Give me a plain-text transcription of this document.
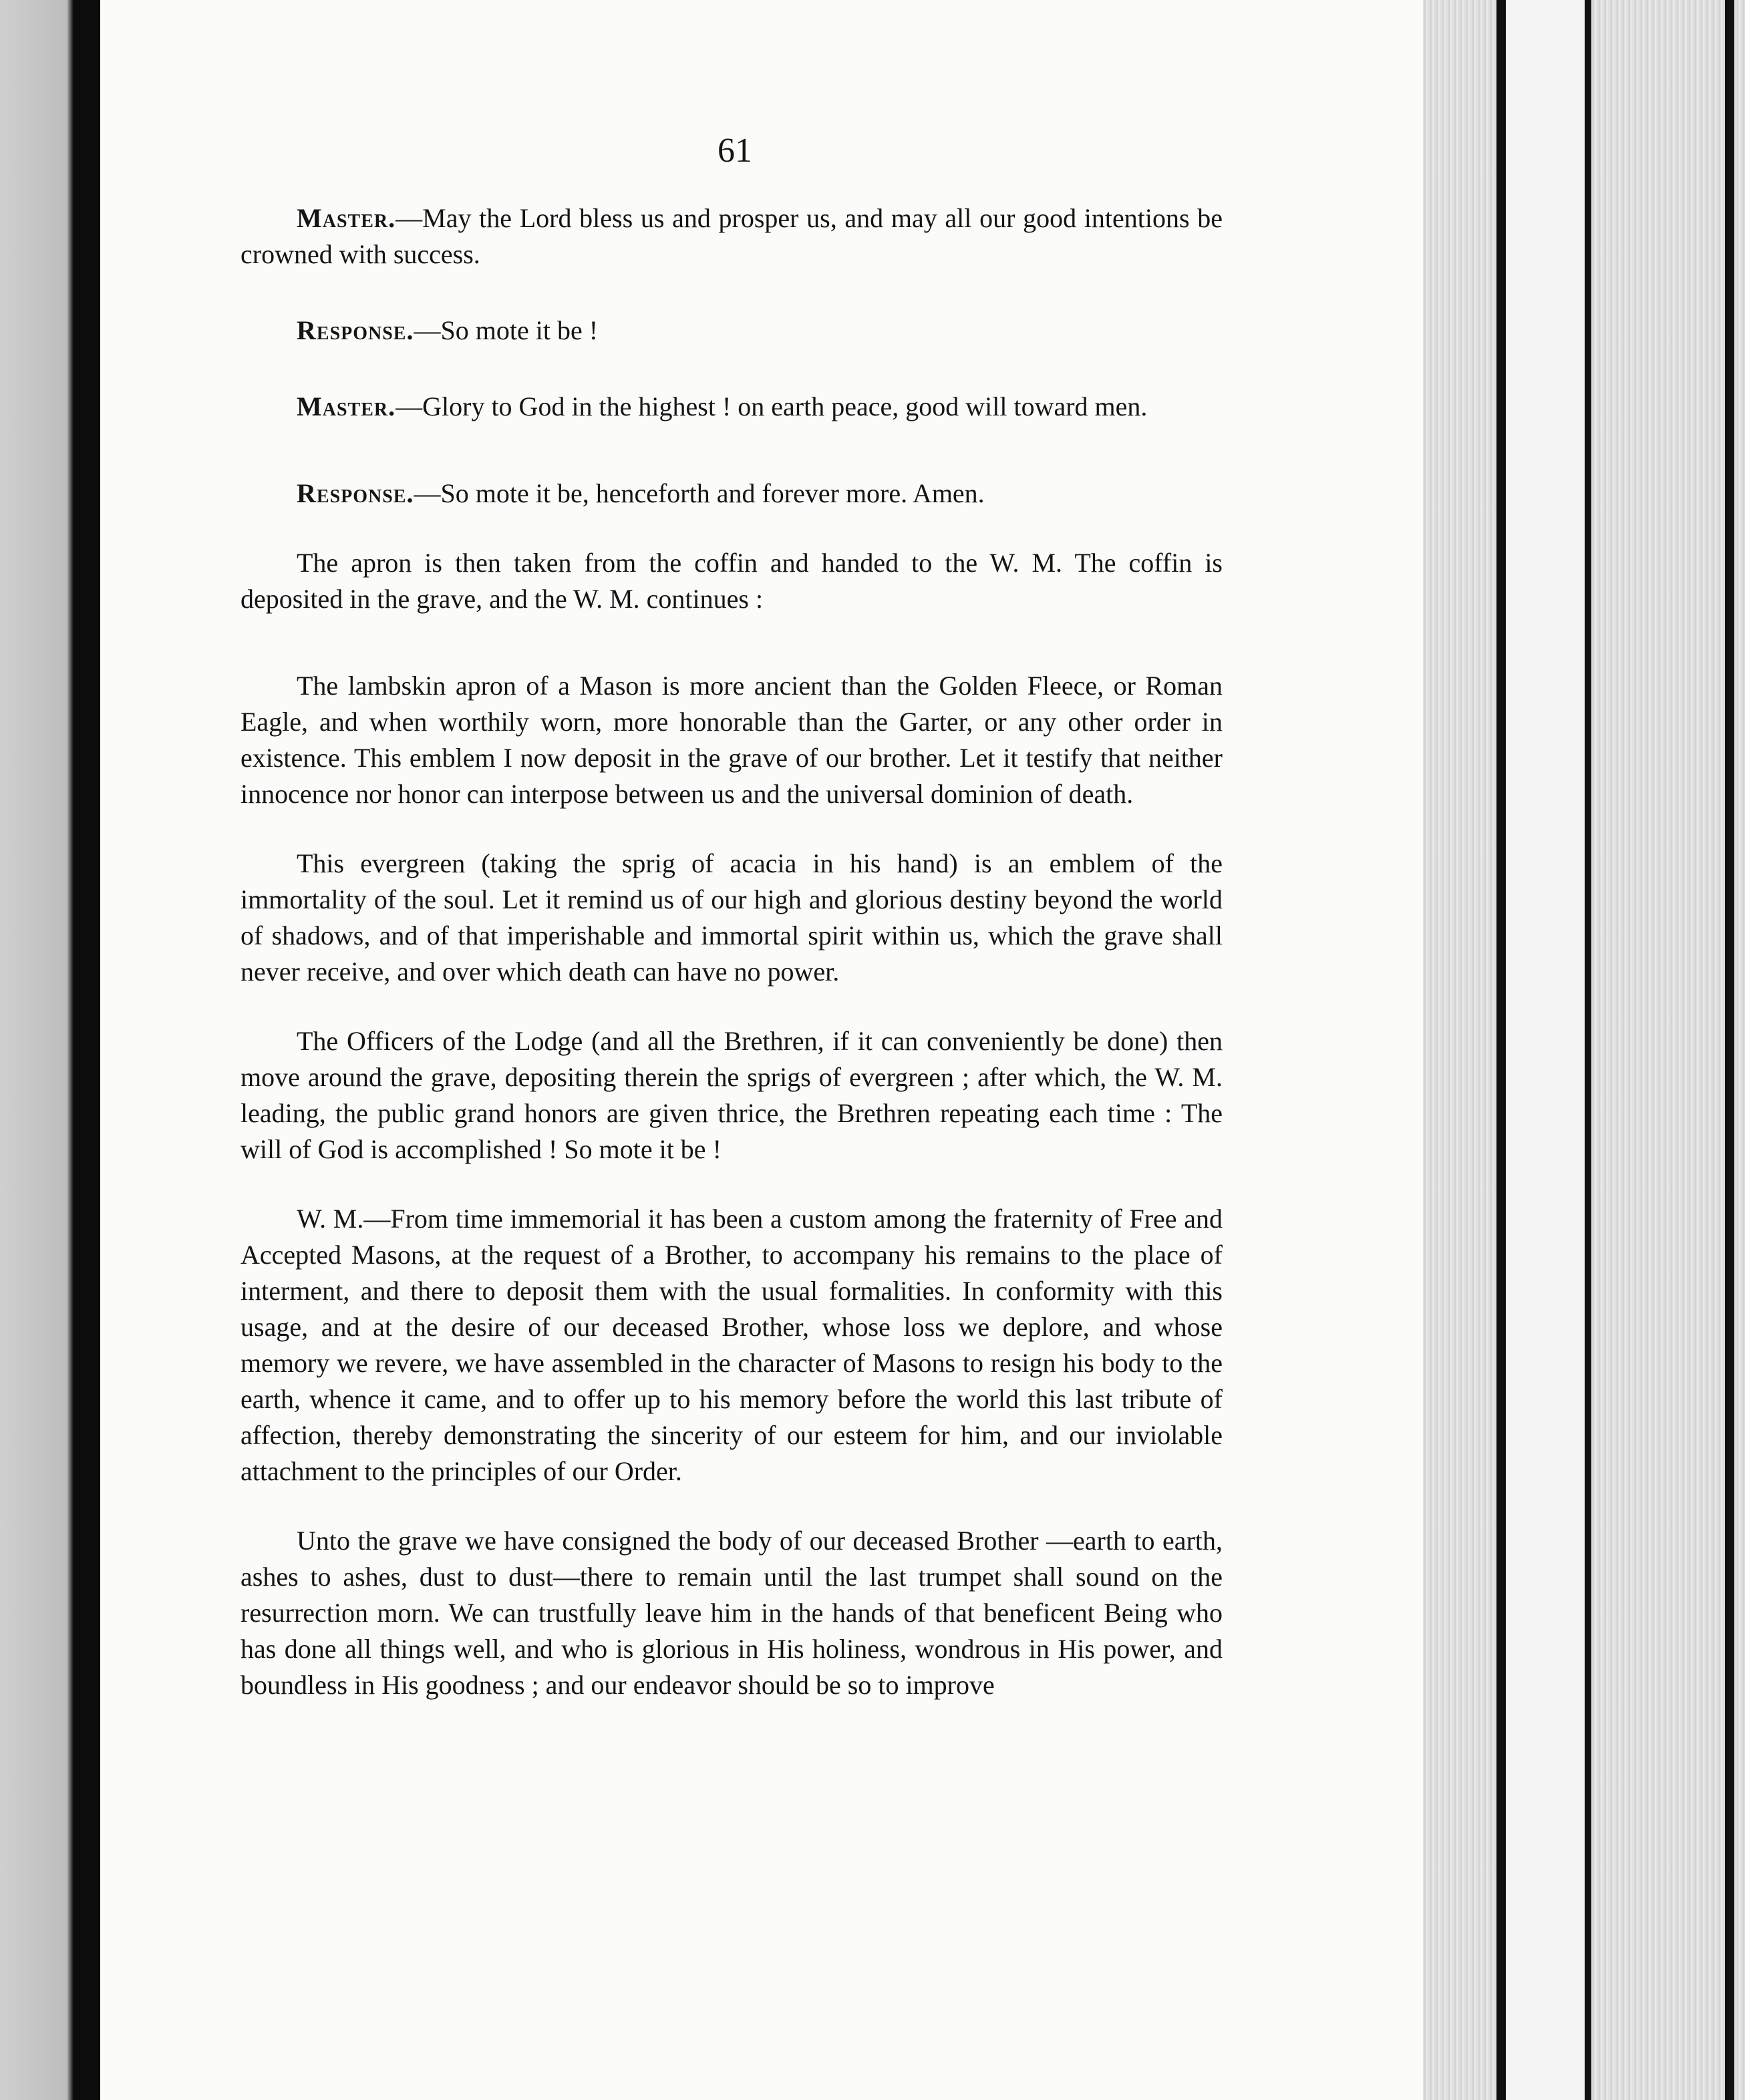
61

Master.—May the Lord bless us and prosper us, and may all our good intentions be crowned with success.

Response.—So mote it be !

Master.—Glory to God in the highest ! on earth peace, good will toward men.

Response.—So mote it be, henceforth and forever more. Amen.

The apron is then taken from the coffin and handed to the W. M. The coffin is deposited in the grave, and the W. M. continues :

The lambskin apron of a Mason is more ancient than the Golden Fleece, or Roman Eagle, and when worthily worn, more honorable than the Garter, or any other order in existence. This emblem I now deposit in the grave of our brother. Let it testify that neither innocence nor honor can interpose between us and the universal dominion of death.

This evergreen (taking the sprig of acacia in his hand) is an emblem of the immortality of the soul. Let it remind us of our high and glorious destiny beyond the world of shadows, and of that imperishable and immortal spirit within us, which the grave shall never receive, and over which death can have no power.

The Officers of the Lodge (and all the Brethren, if it can conveniently be done) then move around the grave, depositing therein the sprigs of evergreen ; after which, the W. M. leading, the public grand honors are given thrice, the Brethren repeating each time : The will of God is accomplished ! So mote it be !

W. M.—From time immemorial it has been a custom among the fraternity of Free and Accepted Masons, at the request of a Brother, to accompany his remains to the place of interment, and there to deposit them with the usual formalities. In conformity with this usage, and at the desire of our deceased Brother, whose loss we deplore, and whose memory we revere, we have assembled in the character of Masons to resign his body to the earth, whence it came, and to offer up to his memory before the world this last tribute of affection, thereby demonstrating the sincerity of our esteem for him, and our inviolable attachment to the principles of our Order.

Unto the grave we have consigned the body of our deceased Brother —earth to earth, ashes to ashes, dust to dust—there to remain until the last trumpet shall sound on the resurrection morn. We can trustfully leave him in the hands of that beneficent Being who has done all things well, and who is glorious in His holiness, wondrous in His power, and boundless in His goodness ; and our endeavor should be so to improve
